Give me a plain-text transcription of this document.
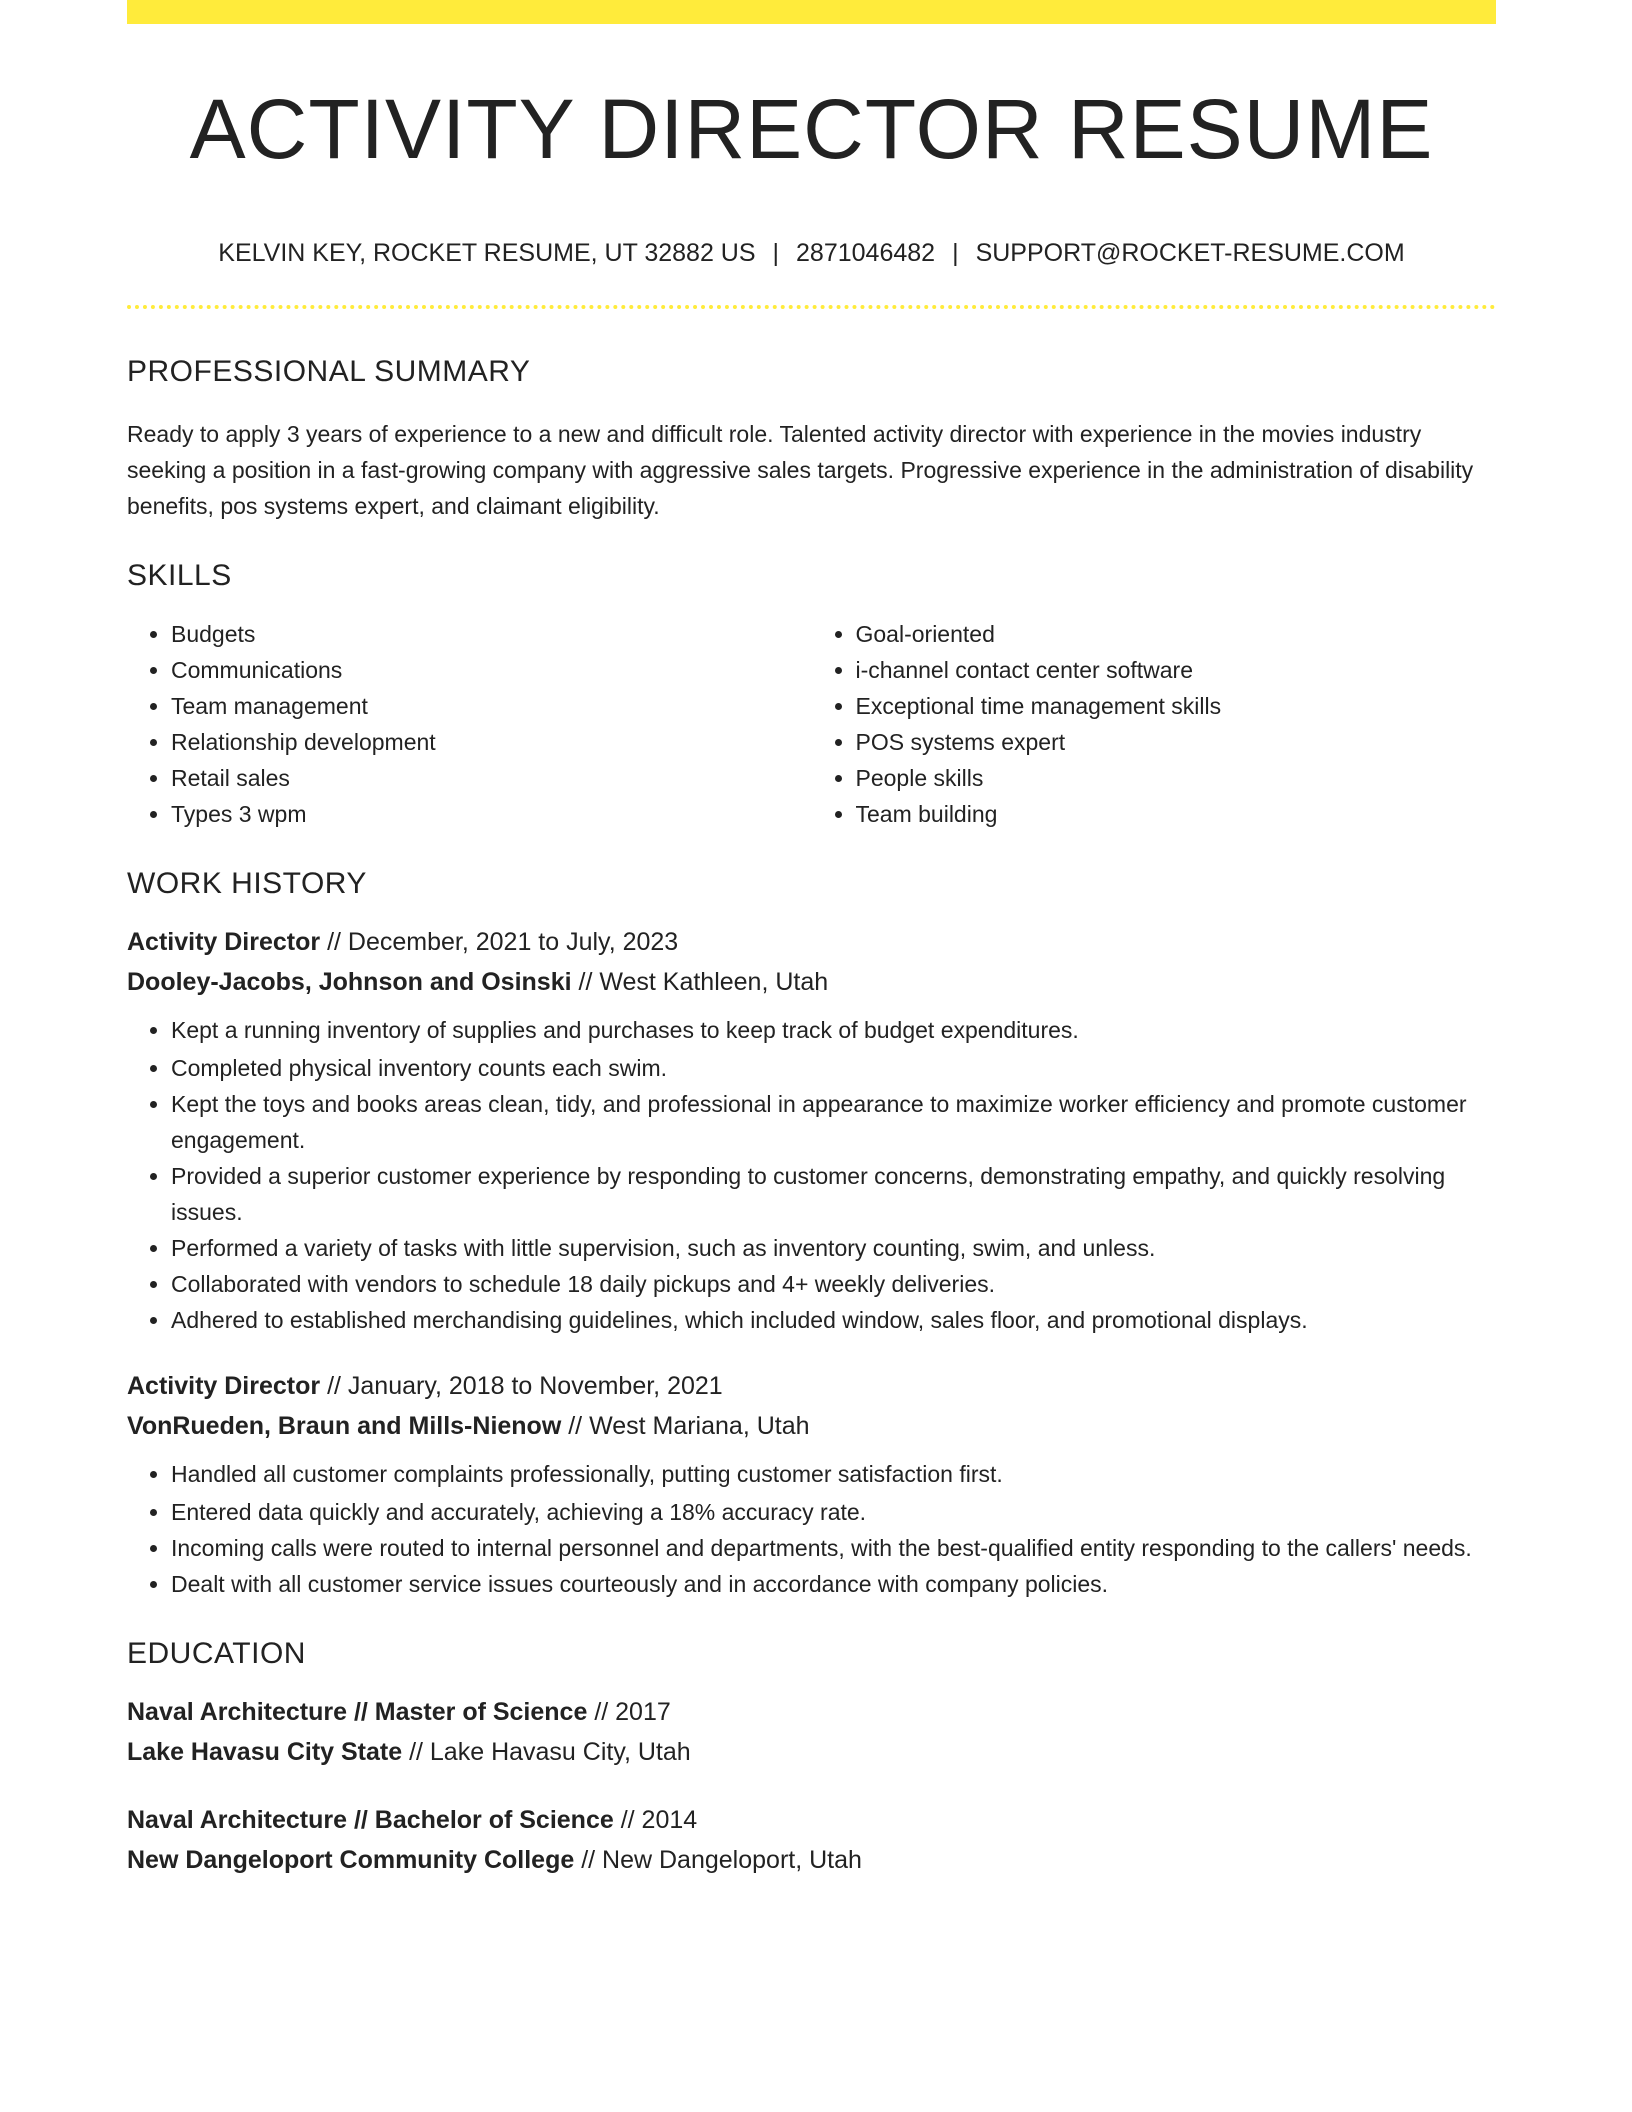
ACTIVITY DIRECTOR RESUME
KELVIN KEY, ROCKET RESUME, UT 32882 US | 2871046482 | SUPPORT@ROCKET-RESUME.COM
PROFESSIONAL SUMMARY

Ready to apply 3 years of experience to a new and difficult role. Talented activity director with experience in the movies industry seeking a position in a fast-growing company with aggressive sales targets. Progressive experience in the administration of disability benefits, pos systems expert, and claimant eligibility.

SKILLS
• Budgets
• Communications
• Team management
• Relationship development
• Retail sales
• Types 3 wpm
• Goal-oriented
• i-channel contact center software
• Exceptional time management skills
• POS systems expert
• People skills
• Team building
WORK HISTORY
Activity Director // December, 2021 to July, 2023
Dooley-Jacobs, Johnson and Osinski // West Kathleen, Utah
• Kept a running inventory of supplies and purchases to keep track of budget expenditures.
• Completed physical inventory counts each swim.
• Kept the toys and books areas clean, tidy, and professional in appearance to maximize worker efficiency and promote customer engagement.
• Provided a superior customer experience by responding to customer concerns, demonstrating empathy, and quickly resolving issues.
• Performed a variety of tasks with little supervision, such as inventory counting, swim, and unless.
• Collaborated with vendors to schedule 18 daily pickups and 4+ weekly deliveries.
• Adhered to established merchandising guidelines, which included window, sales floor, and promotional displays.
Activity Director // January, 2018 to November, 2021
VonRueden, Braun and Mills-Nienow // West Mariana, Utah
• Handled all customer complaints professionally, putting customer satisfaction first.
• Entered data quickly and accurately, achieving a 18% accuracy rate.
• Incoming calls were routed to internal personnel and departments, with the best-qualified entity responding to the callers' needs.
• Dealt with all customer service issues courteously and in accordance with company policies.
EDUCATION
Naval Architecture // Master of Science // 2017
Lake Havasu City State // Lake Havasu City, Utah
Naval Architecture // Bachelor of Science // 2014
New Dangeloport Community College // New Dangeloport, Utah
